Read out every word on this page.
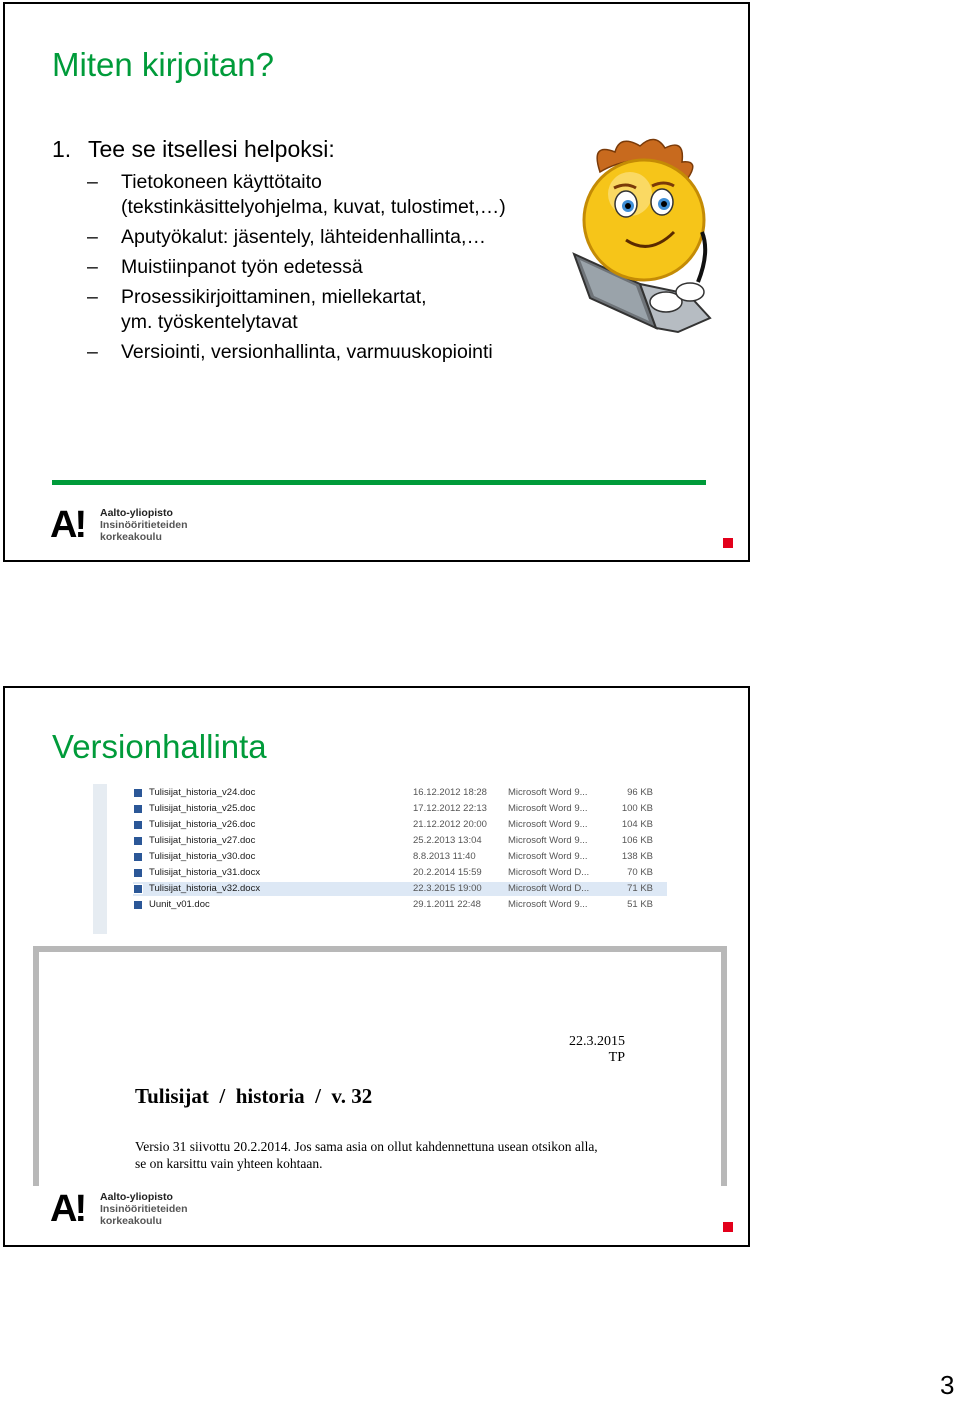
Miten kirjoitan?
1. Tee se itsellesi helpoksi:
–	Tietokoneen käyttötaito
(tekstinkäsittelyohjelma, kuvat, tulostimet,…)
–	Aputyökalut: jäsentely, lähteidenhallinta,…
–	Muistiinpanot työn edetessä
–	Prosessikirjoittaminen, miellekartat,
ym. työskentelytavat
–	Versiointi, versionhallinta, varmuuskopiointi
A! Aalto-yliopisto
Insinööritieteiden
korkeakoulu
Versionhallinta
Tulisijat_historia_v24.doc	16.12.2012 18:28 Microsoft Word 9...	96 KB
Tulisijat_historia_v25.doc	17.12.2012 22:13 Microsoft Word 9...	100 KB
Tulisijat_historia_v26.doc	21.12.2012 20:00 Microsoft Word 9...	104 KB
Tulisijat_historia_v27.doc	25.2.2013 13:04	Microsoft Word 9...	106 KB
Tulisijat_historia_v30.doc	8.8.2013 11:40	Microsoft Word 9...	138 KB
Tulisijat_historia_v31.docx	20.2.2014 15:59	Microsoft Word D...	70 KB
Tulisijat_historia_v32.docx	22.3.2015 19:00	Microsoft Word D...	71 KB
Uunit_v01.doc	29.1.2011 22:48	Microsoft Word 9...	51 KB
22.3.2015
TP
Tulisijat  /  historia  /  v. 32
Versio 31 siivottu 20.2.2014. Jos sama asia on ollut kahdennettuna usean otsikon alla,
se on karsittu vain yhteen kohtaan.
A! Aalto-yliopisto
Insinööritieteiden
korkeakoulu
3
